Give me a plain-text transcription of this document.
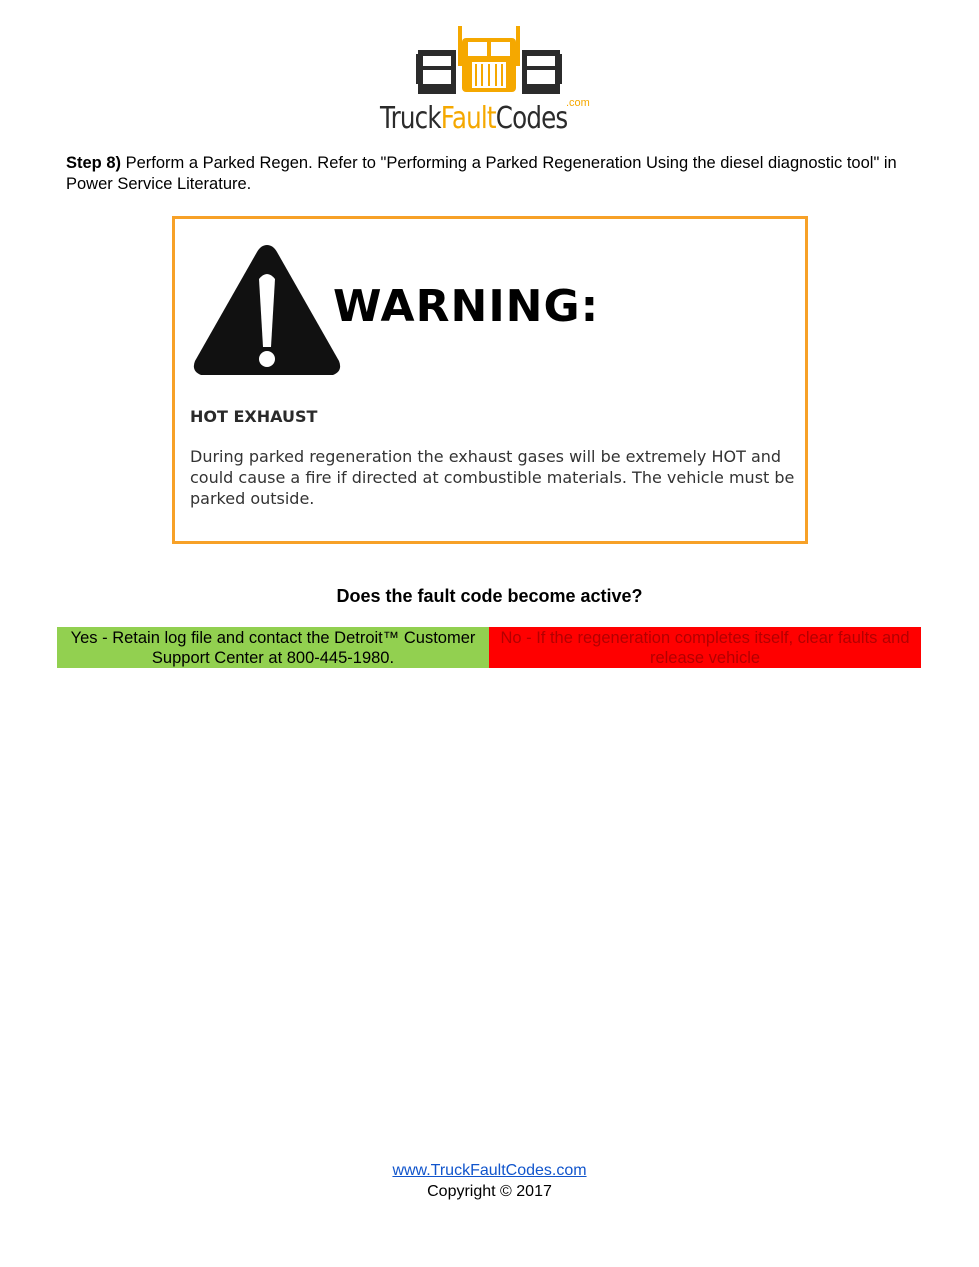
.com
TruckFaultCodes

Step 8) Perform a Parked Regen. Refer to "Performing a Parked Regeneration Using the diesel diagnostic tool" in Power Service Literature.

WARNING:
HOT EXHAUST
During parked regeneration the exhaust gases will be extremely HOT and could cause a fire if directed at combustible materials. The vehicle must be parked outside.
Does the fault code become active?
Yes - Retain log file and contact the Detroit™ Customer Support Center at 800-445-1980.
No - If the regeneration completes itself, clear faults and release vehicle
www.TruckFaultCodes.com
Copyright © 2017
